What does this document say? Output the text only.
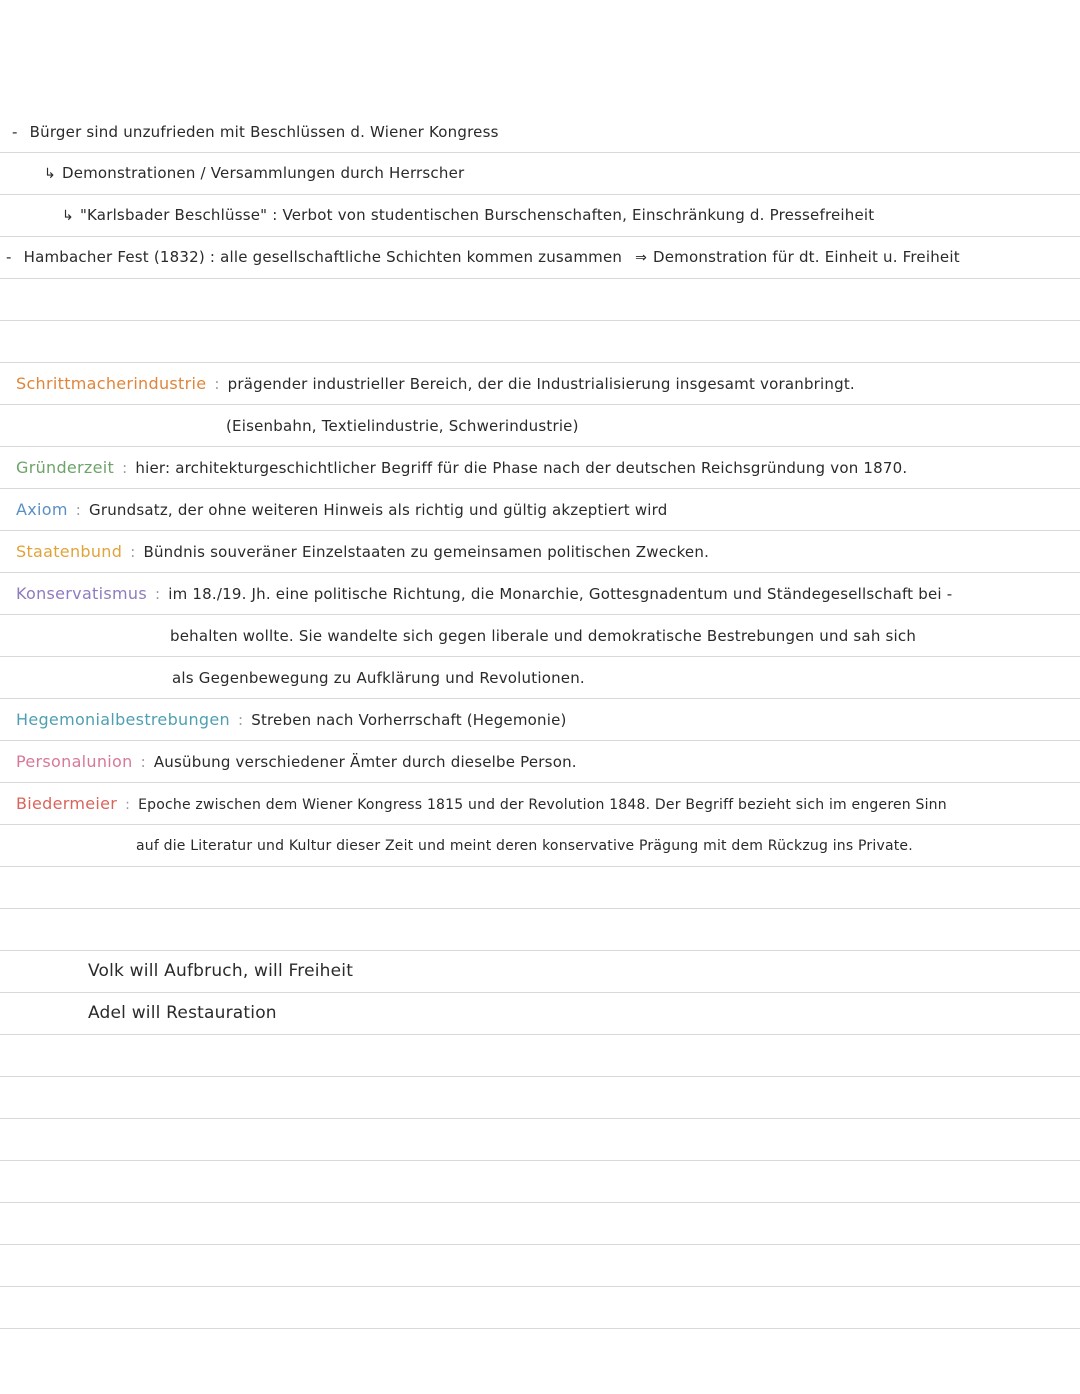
- Bürger sind unzufrieden mit Beschlüssen d. Wiener Kongress
↳ Demonstrationen / Versammlungen durch Herrscher
↳ "Karlsbader Beschlüsse" : Verbot von studentischen Burschenschaften, Einschränkung d. Pressefreiheit
- Hambacher Fest (1832) : alle gesellschaftliche Schichten kommen zusammen ⇒ Demonstration für dt. Einheit u. Freiheit
Schrittmacherindustrie : prägender industrieller Bereich, der die Industrialisierung insgesamt voranbringt.
(Eisenbahn, Textielindustrie, Schwerindustrie)
Gründerzeit : hier: architekturgeschichtlicher Begriff für die Phase nach der deutschen Reichsgründung von 1870.
Axiom : Grundsatz, der ohne weiteren Hinweis als richtig und gültig akzeptiert wird
Staatenbund : Bündnis souveräner Einzelstaaten zu gemeinsamen politischen Zwecken.
Konservatismus : im 18./19. Jh. eine politische Richtung, die Monarchie, Gottesgnadentum und Ständegesellschaft bei -
behalten wollte. Sie wandelte sich gegen liberale und demokratische Bestrebungen und sah sich
als Gegenbewegung zu Aufklärung und Revolutionen.
Hegemonialbestrebungen : Streben nach Vorherrschaft (Hegemonie)
Personalunion : Ausübung verschiedener Ämter durch dieselbe Person.
Biedermeier : Epoche zwischen dem Wiener Kongress 1815 und der Revolution 1848. Der Begriff bezieht sich im engeren Sinn
auf die Literatur und Kultur dieser Zeit und meint deren konservative Prägung mit dem Rückzug ins Private.
Volk will Aufbruch, will Freiheit
Adel will Restauration
